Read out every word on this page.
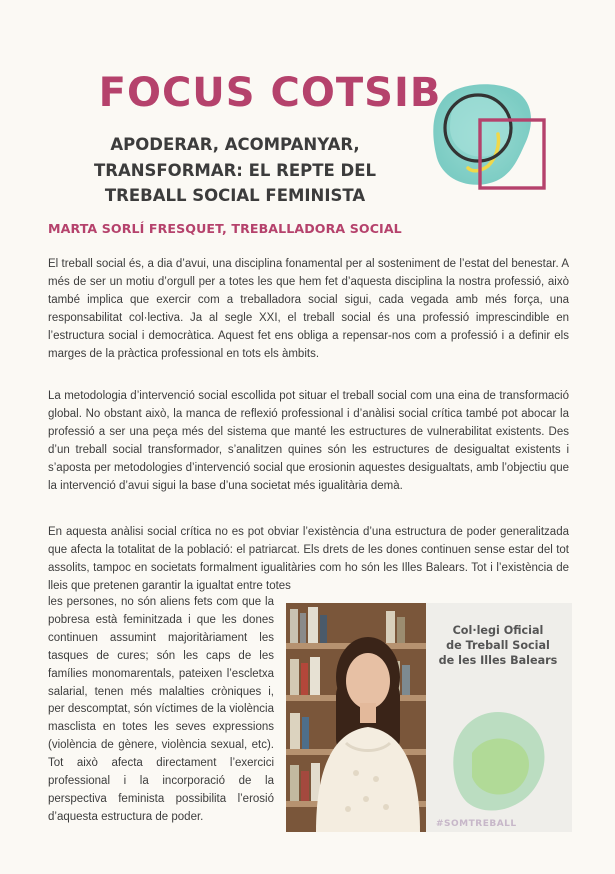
FOCUS COTSIB
APODERAR, ACOMPANYAR, TRANSFORMAR: EL REPTE DEL TREBALL SOCIAL FEMINISTA
MARTA SORLÍ FRESQUET, TREBALLADORA SOCIAL

El treball social és, a dia d’avui, una disciplina fonamental per al sosteniment de l’estat del benestar. A més de ser un motiu d’orgull per a totes les que hem fet d’aquesta disciplina la nostra professió, això també implica que exercir com a treballadora social sigui, cada vegada amb més força, una responsabilitat col·lectiva. Ja al segle XXI, el treball social és una professió imprescindible en l’estructura social i democràtica. Aquest fet ens obliga a repensar-nos com a professió i a definir els marges de la pràctica professional en tots els àmbits.

La metodologia d’intervenció social escollida pot situar el treball social com una eina de transformació global. No obstant això, la manca de reflexió professional i d’anàlisi social crítica també pot abocar la professió a ser una peça més del sistema que manté les estructures de vulnerabilitat existents. Des d’un treball social transformador, s’analitzen quines són les estructures de desigualtat existents i s’aposta per metodologies d’intervenció social que erosionin aquestes desigualtats, amb l’objectiu que la intervenció d’avui sigui la base d’una societat més igualitària demà.

En aquesta anàlisi social crítica no es pot obviar l’existència d’una estructura de poder generalitzada que afecta la totalitat de la població: el patriarcat. Els drets de les dones continuen sense estar del tot assolits, tampoc en societats formalment igualitàries com ho són les Illes Balears. Tot i l’existència de lleis que pretenen garantir la igualtat entre totes

les persones, no són aliens fets com que la pobresa està feminitzada i que les dones continuen assumint majoritàriament les tasques de cures; són les caps de les famílies monomarentals, pateixen l’escletxa salarial, tenen més malalties cròniques i, per descomptat, són víctimes de la violència masclista en totes les seves expressions (violència de gènere, violència sexual, etc). Tot això afecta directament l’exercici professional i la incorporació de la perspectiva feminista possibilita l’erosió d’aquesta estructura de poder.

Col·legi Oficial
de Treball Social
de les Illes Balears
#SOMTREBALL
